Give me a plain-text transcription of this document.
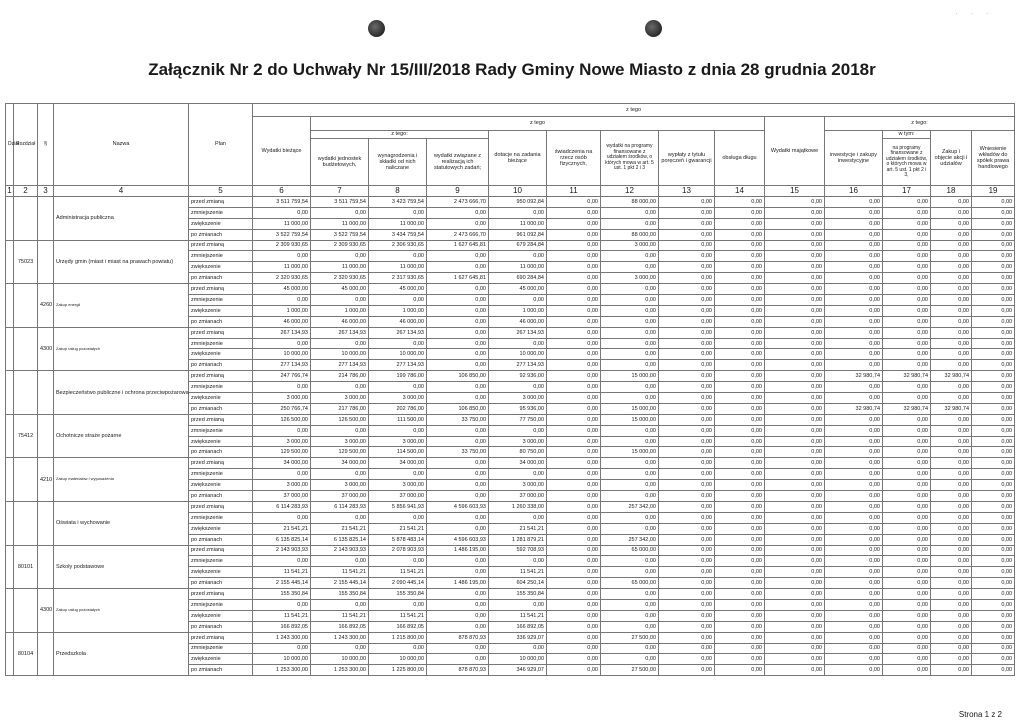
. . .
Załącznik Nr 2 do Uchwały Nr 15/III/2018 Rady Gminy Nowe Miasto z dnia 28 grudnia 2018r
Dział	Rozdział	§	Nazwa	Plan	z tego														
					Wydatki bieżące	z tego								Wydatki majątkowe	z tego:				
						z tego:			dotacje na zadania bieżące	świadczenia na rzecz osób fizycznych,	wydatki na programy finansowane z udziałem środków, o których mowa w art. 5 ust. 1 pkt 2 i 3	wypłaty z tytułu poręczeń i gwarancji	obsługa długu		inwestycje i zakupy inwestycyjne	w tym:	Zakup i objęcie akcji i udziałów	Wniesienie wkładów do spółek prawa handlowego	
						wydatki jednostek budżetowych,	wynagrodzenia i składki od nich naliczane	wydatki związane z realizacją ich statutowych zadań;								na programy finansowane z udziałem środków, o których mowa w art. 5 ust. 1 pkt 2 i 3,			

1	2	3	4	5	6	7	8	9	10	11	12	13	14	15	16	17	18	19	
			Administracja publiczna	przed zmianą	3 511 759,54	3 511 759,54	3 423 759,54	2 473 666,70	950 092,84	0,00	88 000,00	0,00	0,00	0,00	0,00	0,00	0,00	0,00	
				zmniejszenie	0,00	0,00	0,00	0,00	0,00	0,00	0,00	0,00	0,00	0,00	0,00	0,00	0,00	0,00	
				zwiększenie	11 000,00	11 000,00	11 000,00	0,00	11 000,00	0,00	0,00	0,00	0,00	0,00	0,00	0,00	0,00	0,00	
				po zmianach	3 522 759,54	3 522 759,54	3 434 759,54	2 473 666,70	961 092,84	0,00	88 000,00	0,00	0,00	0,00	0,00	0,00	0,00	0,00	
	75023		Urzędy gmin (miast i miast na prawach powiatu)	przed zmianą	2 309 930,65	2 309 930,65	2 306 930,65	1 627 645,81	679 284,84	0,00	3 000,00	0,00	0,00	0,00	0,00	0,00	0,00	0,00	
				zmniejszenie	0,00	0,00	0,00	0,00	0,00	0,00	0,00	0,00	0,00	0,00	0,00	0,00	0,00	0,00	
				zwiększenie	11 000,00	11 000,00	11 000,00	0,00	11 000,00	0,00	0,00	0,00	0,00	0,00	0,00	0,00	0,00	0,00	
				po zmianach	2 320 930,65	2 320 930,65	2 317 930,65	1 627 645,81	690 284,84	0,00	3 000,00	0,00	0,00	0,00	0,00	0,00	0,00	0,00	
		4260	Zakup energii	przed zmianą	45 000,00	45 000,00	45 000,00	0,00	45 000,00	0,00	0,00	0,00	0,00	0,00	0,00	0,00	0,00	0,00	
				zmniejszenie	0,00	0,00	0,00	0,00	0,00	0,00	0,00	0,00	0,00	0,00	0,00	0,00	0,00	0,00	
				zwiększenie	1 000,00	1 000,00	1 000,00	0,00	1 000,00	0,00	0,00	0,00	0,00	0,00	0,00	0,00	0,00	0,00	
				po zmianach	46 000,00	46 000,00	46 000,00	0,00	46 000,00	0,00	0,00	0,00	0,00	0,00	0,00	0,00	0,00	0,00	
		4300	Zakup usług pozostałych	przed zmianą	267 134,93	267 134,93	267 134,93	0,00	267 134,93	0,00	0,00	0,00	0,00	0,00	0,00	0,00	0,00	0,00	
				zmniejszenie	0,00	0,00	0,00	0,00	0,00	0,00	0,00	0,00	0,00	0,00	0,00	0,00	0,00	0,00	
				zwiększenie	10 000,00	10 000,00	10 000,00	0,00	10 000,00	0,00	0,00	0,00	0,00	0,00	0,00	0,00	0,00	0,00	
				po zmianach	277 134,93	277 134,93	277 134,93	0,00	277 134,93	0,00	0,00	0,00	0,00	0,00	0,00	0,00	0,00	0,00	
			Bezpieczeństwo publiczne i ochrona przeciwpożarowa	przed zmianą	247 766,74	214 786,00	199 786,00	106 850,00	92 936,00	0,00	15 000,00	0,00	0,00	0,00	32 980,74	32 980,74	32 980,74	0,00	
				zmniejszenie	0,00	0,00	0,00	0,00	0,00	0,00	0,00	0,00	0,00	0,00	0,00	0,00	0,00	0,00	
				zwiększenie	3 000,00	3 000,00	3 000,00	0,00	3 000,00	0,00	0,00	0,00	0,00	0,00	0,00	0,00	0,00	0,00	
				po zmianach	250 766,74	217 786,00	202 786,00	106 850,00	95 936,00	0,00	15 000,00	0,00	0,00	0,00	32 980,74	32 980,74	32 980,74	0,00	
	75412		Ochotnicze straże pożarne	przed zmianą	126 500,00	126 500,00	111 500,00	33 750,00	77 750,00	0,00	15 000,00	0,00	0,00	0,00	0,00	0,00	0,00	0,00	
				zmniejszenie	0,00	0,00	0,00	0,00	0,00	0,00	0,00	0,00	0,00	0,00	0,00	0,00	0,00	0,00	
				zwiększenie	3 000,00	3 000,00	3 000,00	0,00	3 000,00	0,00	0,00	0,00	0,00	0,00	0,00	0,00	0,00	0,00	
				po zmianach	129 500,00	129 500,00	114 500,00	33 750,00	80 750,00	0,00	15 000,00	0,00	0,00	0,00	0,00	0,00	0,00	0,00	
		4210	Zakup materiałów i wyposażenia	przed zmianą	34 000,00	34 000,00	34 000,00	0,00	34 000,00	0,00	0,00	0,00	0,00	0,00	0,00	0,00	0,00	0,00	
				zmniejszenie	0,00	0,00	0,00	0,00	0,00	0,00	0,00	0,00	0,00	0,00	0,00	0,00	0,00	0,00	
				zwiększenie	3 000,00	3 000,00	3 000,00	0,00	3 000,00	0,00	0,00	0,00	0,00	0,00	0,00	0,00	0,00	0,00	
				po zmianach	37 000,00	37 000,00	37 000,00	0,00	37 000,00	0,00	0,00	0,00	0,00	0,00	0,00	0,00	0,00	0,00	
			Oświata i wychowanie	przed zmianą	6 114 283,93	6 114 283,93	5 856 941,93	4 596 603,93	1 260 338,00	0,00	257 342,00	0,00	0,00	0,00	0,00	0,00	0,00	0,00	
				zmniejszenie	0,00	0,00	0,00	0,00	0,00	0,00	0,00	0,00	0,00	0,00	0,00	0,00	0,00	0,00	
				zwiększenie	21 541,21	21 541,21	21 541,21	0,00	21 541,21	0,00	0,00	0,00	0,00	0,00	0,00	0,00	0,00	0,00	
				po zmianach	6 135 825,14	6 135 825,14	5 878 483,14	4 596 603,93	1 281 879,21	0,00	257 342,00	0,00	0,00	0,00	0,00	0,00	0,00	0,00	
	80101		Szkoły podstawowe	przed zmianą	2 143 903,93	2 143 903,93	2 078 903,93	1 486 195,00	592 708,93	0,00	65 000,00	0,00	0,00	0,00	0,00	0,00	0,00	0,00	
				zmniejszenie	0,00	0,00	0,00	0,00	0,00	0,00	0,00	0,00	0,00	0,00	0,00	0,00	0,00	0,00	
				zwiększenie	11 541,21	11 541,21	11 541,21	0,00	11 541,21	0,00	0,00	0,00	0,00	0,00	0,00	0,00	0,00	0,00	
				po zmianach	2 155 445,14	2 155 445,14	2 090 445,14	1 486 195,00	604 250,14	0,00	65 000,00	0,00	0,00	0,00	0,00	0,00	0,00	0,00	
		4300	Zakup usług pozostałych	przed zmianą	155 350,84	155 350,84	155 350,84	0,00	155 350,84	0,00	0,00	0,00	0,00	0,00	0,00	0,00	0,00	0,00	
				zmniejszenie	0,00	0,00	0,00	0,00	0,00	0,00	0,00	0,00	0,00	0,00	0,00	0,00	0,00	0,00	
				zwiększenie	11 541,21	11 541,21	11 541,21	0,00	11 541,21	0,00	0,00	0,00	0,00	0,00	0,00	0,00	0,00	0,00	
				po zmianach	166 892,05	166 892,05	166 892,05	0,00	166 892,05	0,00	0,00	0,00	0,00	0,00	0,00	0,00	0,00	0,00	
	80104		Przedszkola	przed zmianą	1 243 300,00	1 243 300,00	1 215 800,00	878 870,93	336 929,07	0,00	27 500,00	0,00	0,00	0,00	0,00	0,00	0,00	0,00	
				zmniejszenie	0,00	0,00	0,00	0,00	0,00	0,00	0,00	0,00	0,00	0,00	0,00	0,00	0,00	0,00	
				zwiększenie	10 000,00	10 000,00	10 000,00	0,00	10 000,00	0,00	0,00	0,00	0,00	0,00	0,00	0,00	0,00	0,00	
				po zmianach	1 253 300,00	1 253 300,00	1 225 800,00	878 870,93	346 929,07	0,00	27 500,00	0,00	0,00	0,00	0,00	0,00	0,00	0,00	
Strona 1 z 2
